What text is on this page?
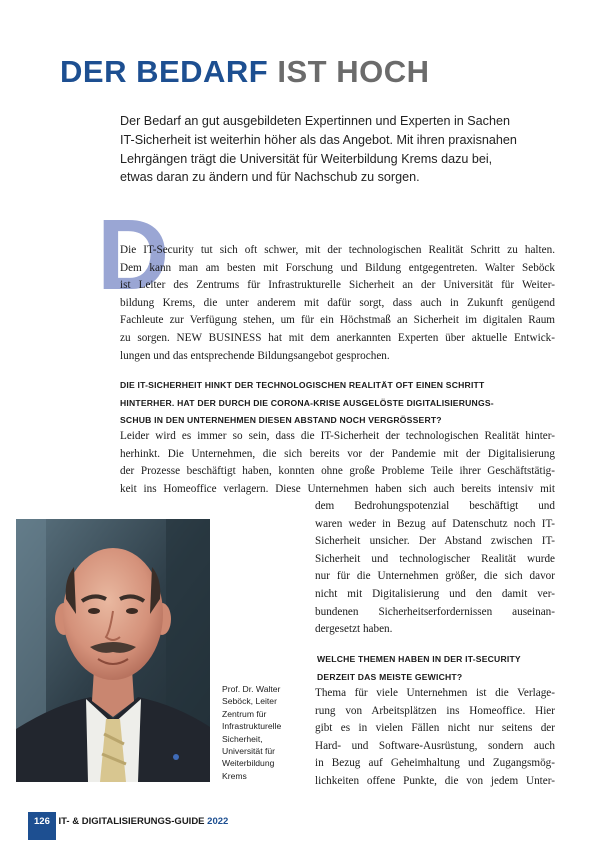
DER BEDARF IST HOCH

Der Bedarf an gut ausgebildeten Expertinnen und Experten in Sachen

IT-Sicherheit ist weiterhin höher als das Angebot. Mit ihren praxisnahen

Lehrgängen trägt die Universität für Weiterbildung Krems dazu bei,

etwas daran zu ändern und für Nachschub zu sorgen.

D
Die IT-Security tut sich oft schwer, mit der technologischen Realität Schritt zu halten.
Dem kann man am besten mit Forschung und Bildung entgegentreten. Walter Seböck
ist Leiter des Zentrums für Infrastrukturelle Sicherheit an der Universität für Weiter-
bildung Krems, die unter anderem mit dafür sorgt, dass auch in Zukunft genügend
Fachleute zur Verfügung stehen, um für ein Höchstmaß an Sicherheit im digitalen Raum
zu sorgen. NEW BUSINESS hat mit dem anerkannten Experten über aktuelle Entwick-
lungen und das entsprechende Bildungsangebot gesprochen.
DIE IT-SICHERHEIT HINKT DER TECHNOLOGISCHEN REALITÄT OFT EINEN SCHRITT
HINTERHER. HAT DER DURCH DIE CORONA-KRISE AUSGELÖSTE DIGITALISIERUNGS-
SCHUB IN DEN UNTERNEHMEN DIESEN ABSTAND NOCH VERGRÖSSERT?
Leider wird es immer so sein, dass die IT-Sicherheit der technologischen Realität hinter-
herhinkt. Die Unternehmen, die sich bereits vor der Pandemie mit der Digitalisierung
der Prozesse beschäftigt haben, konnten ohne große Probleme Teile ihrer Geschäftstätig-
keit ins Homeoffice verlagern. Diese Unternehmen haben sich auch bereits intensiv mit
dem Bedrohungspotenzial beschäftigt und
waren weder in Bezug auf Datenschutz noch IT-
Sicherheit unsicher. Der Abstand zwischen IT-
Sicherheit und technologischer Realität wurde
nur für die Unternehmen größer, die sich davor
nicht mit Digitalisierung und den damit ver-
bundenen Sicherheitserfordernissen auseinan-
dergesetzt haben.
Prof. Dr. Walter
Seböck, Leiter
Zentrum für
Infrastrukturelle
Sicherheit,
Universität für
Weiterbildung
Krems
WELCHE THEMEN HABEN IN DER IT-SECURITY
DERZEIT DAS MEISTE GEWICHT?
Thema für viele Unternehmen ist die Verlage-
rung von Arbeitsplätzen ins Homeoffice. Hier
gibt es in vielen Fällen nicht nur seitens der
Hard- und Software-Ausrüstung, sondern auch
in Bezug auf Geheimhaltung und Zugangsmög-
lichkeiten offene Punkte, die von jedem Unter-
126 IT- & DIGITALISIERUNGS-GUIDE 2022
